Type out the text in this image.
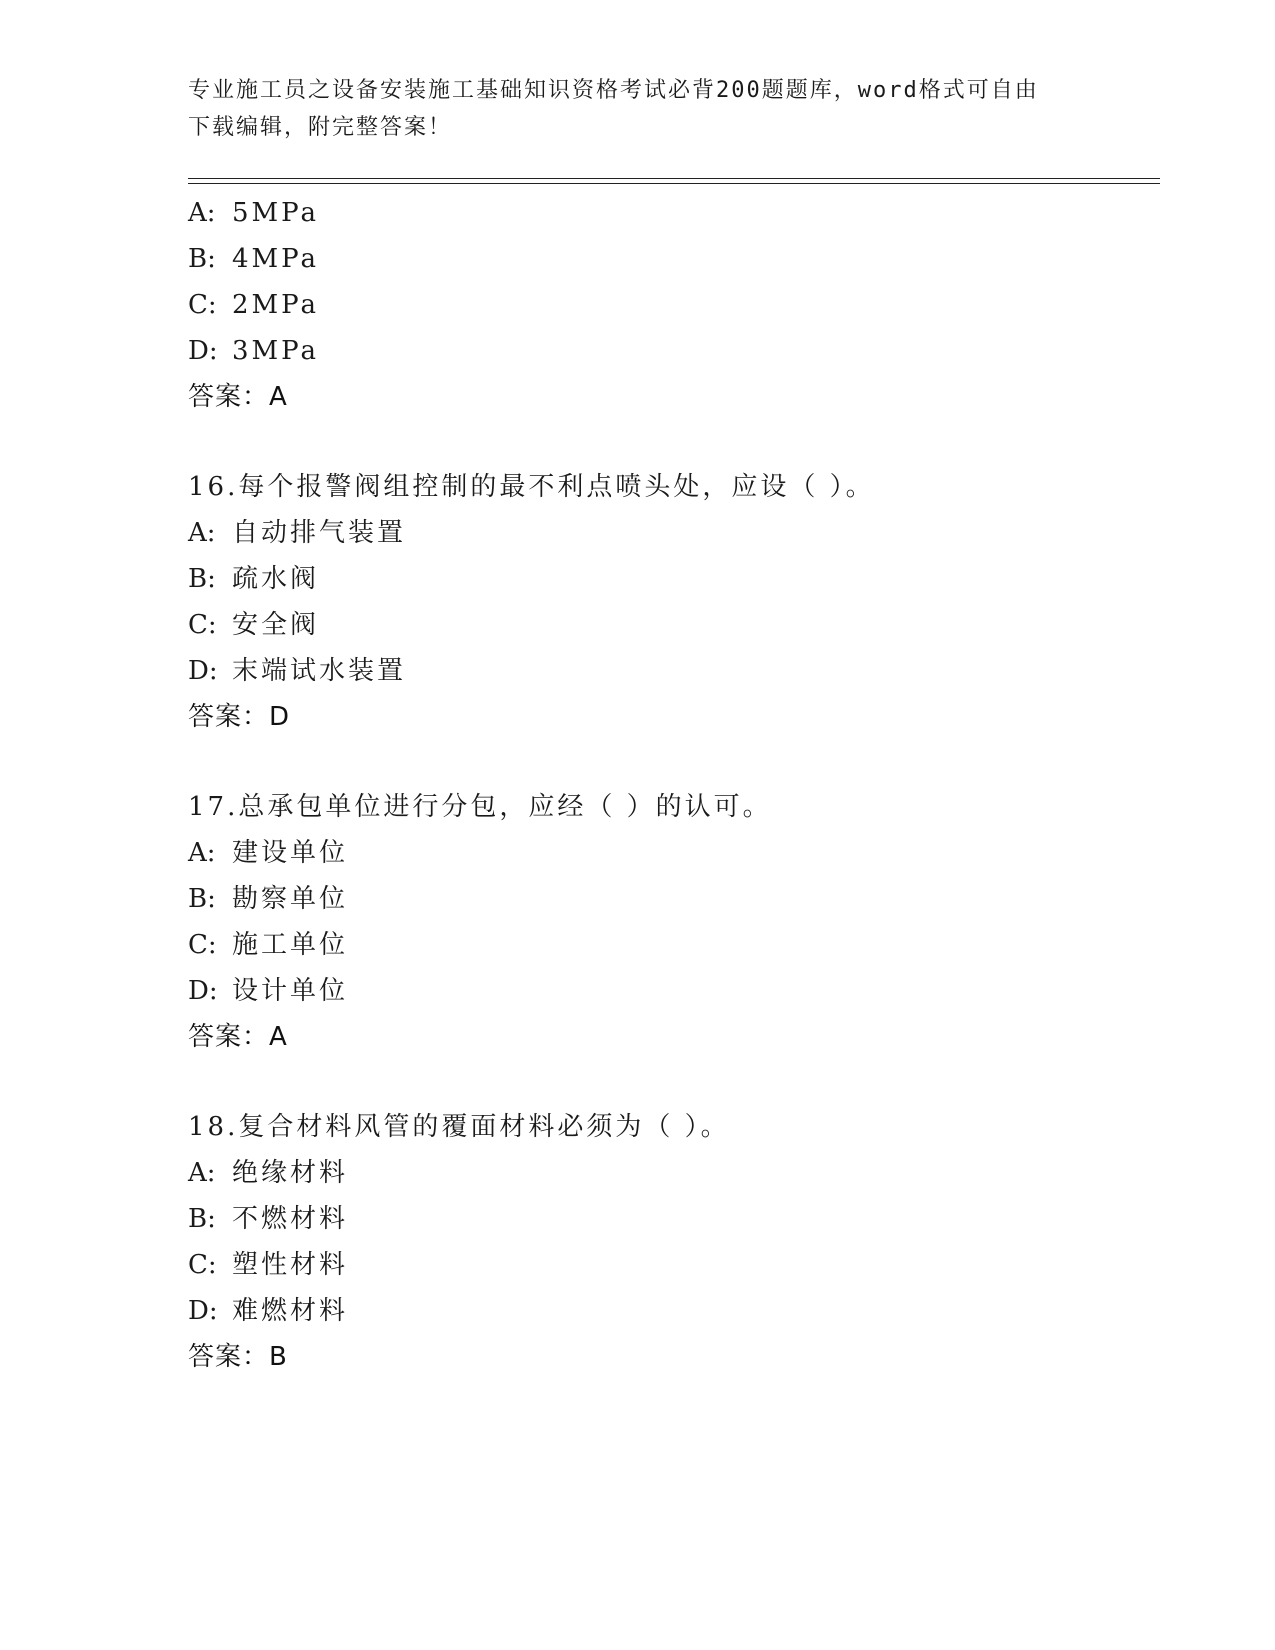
专业施工员之设备安装施工基础知识资格考试必背200题题库，word格式可自由
下载编辑，附完整答案！
A: 5MPa
B: 4MPa
C: 2MPa
D: 3MPa
答案：A
16.每个报警阀组控制的最不利点喷头处，应设（ ）。
A: 自动排气装置
B: 疏水阀
C: 安全阀
D: 末端试水装置
答案：D
17.总承包单位进行分包，应经（ ）的认可。
A: 建设单位
B: 勘察单位
C: 施工单位
D: 设计单位
答案：A
18.复合材料风管的覆面材料必须为（ ）。
A: 绝缘材料
B: 不燃材料
C: 塑性材料
D: 难燃材料
答案：B
